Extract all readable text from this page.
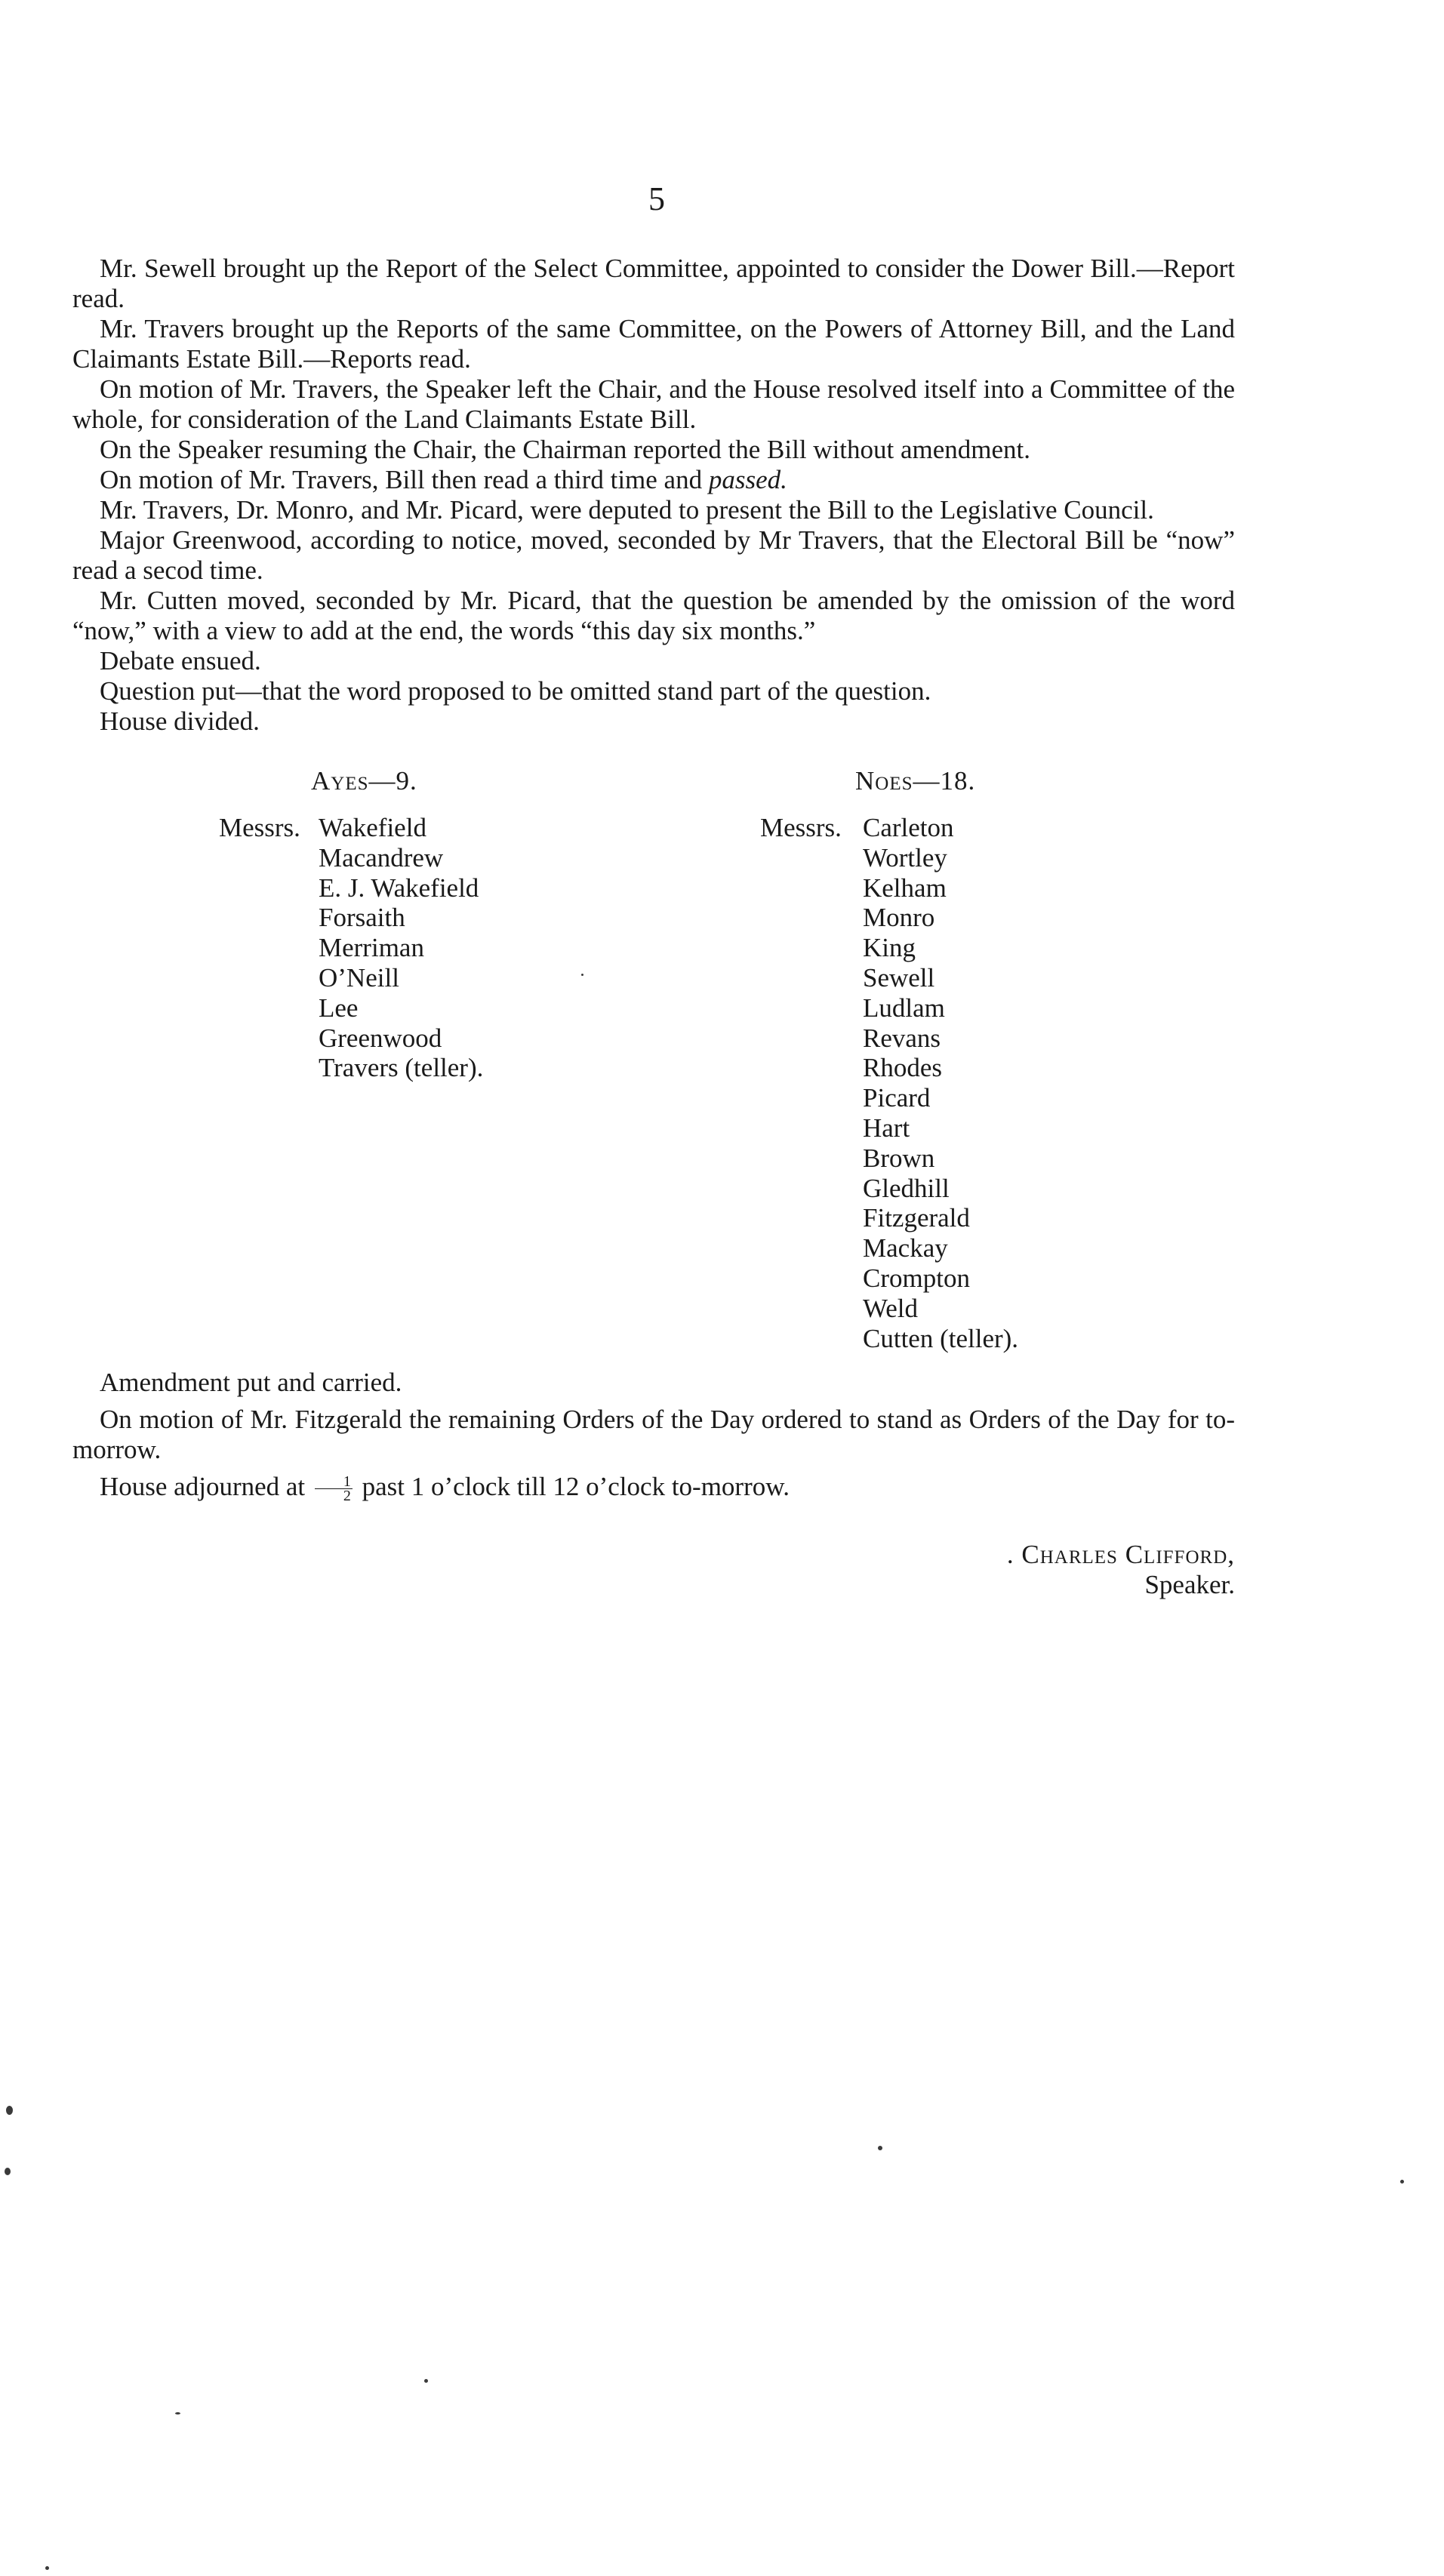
5

Mr. Sewell brought up the Report of the Select Committee, appointed to consider the Dower Bill.—Report read.

Mr. Travers brought up the Reports of the same Committee, on the Powers of Attorney Bill, and the Land Claimants Estate Bill.—Reports read.

On motion of Mr. Travers, the Speaker left the Chair, and the House resolved itself into a Committee of the whole, for consideration of the Land Claimants Estate Bill.

On the Speaker resuming the Chair, the Chairman reported the Bill without amendment.

On motion of Mr. Travers, Bill then read a third time and passed.

Mr. Travers, Dr. Monro, and Mr. Picard, were deputed to present the Bill to the Legislative Council.

Major Greenwood, according to notice, moved, seconded by Mr Travers, that the Electoral Bill be “now” read a secod time.

Mr. Cutten moved, seconded by Mr. Picard, that the question be amended by the omission of the word “now,” with a view to add at the end, the words “this day six months.”

Debate ensued.

Question put—that the word proposed to be omitted stand part of the question.

House divided.

Ayes—9.
Messrs. Wakefield
Macandrew
E. J. Wakefield
Forsaith
Merriman
O’Neill
Lee
Greenwood
Travers (teller).
Noes—18.
Messrs. Carleton
Wortley
Kelham
Monro
King
Sewell
Ludlam
Revans
Rhodes
Picard
Hart
Brown
Gledhill
Fitzgerald
Mackay
Crompton
Weld
Cutten (teller).

Amendment put and carried.

On motion of Mr. Fitzgerald the remaining Orders of the Day ordered to stand as Orders of the Day for to-morrow.

House adjourned at $\frac{1}{2}$ past 1 o’clock till 12 o’clock to-morrow.

. Charles Clifford,
Speaker.
